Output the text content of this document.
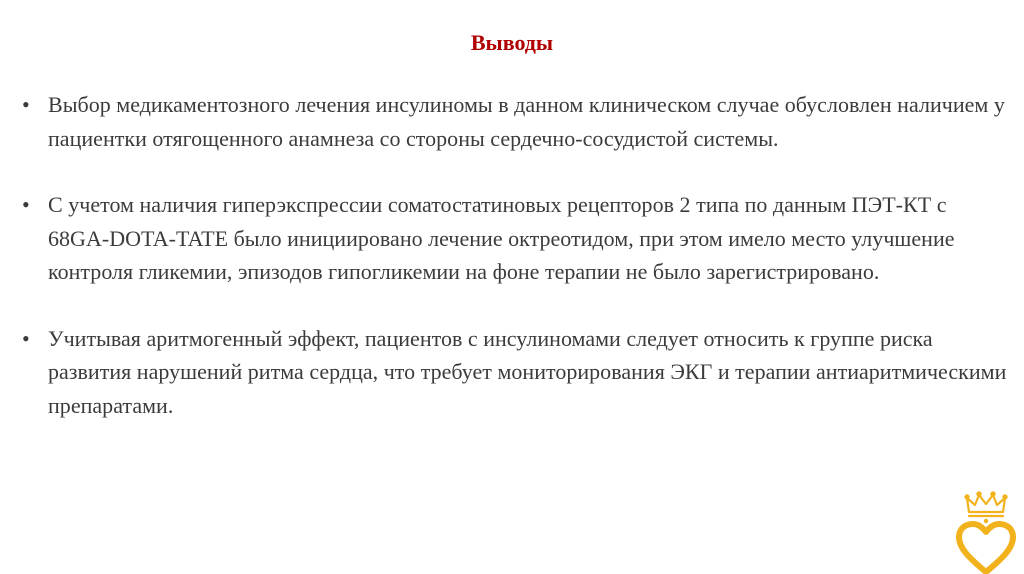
Выводы
• Выбор медикаментозного лечения инсулиномы в данном клиническом случае обусловлен наличием у пациентки отягощенного анамнеза со стороны сердечно-сосудистой системы.
• С учетом наличия гиперэкспрессии соматостатиновых рецепторов 2 типа по данным ПЭТ-КТ с 68GA-DOTA-TATE было инициировано лечение октреотидом, при этом имело место улучшение контроля гликемии, эпизодов гипогликемии на фоне терапии не было зарегистрировано.
• Учитывая аритмогенный эффект, пациентов с инсулиномами следует относить к группе риска развития нарушений ритма сердца, что требует мониторирования ЭКГ и терапии антиаритмическими препаратами.
